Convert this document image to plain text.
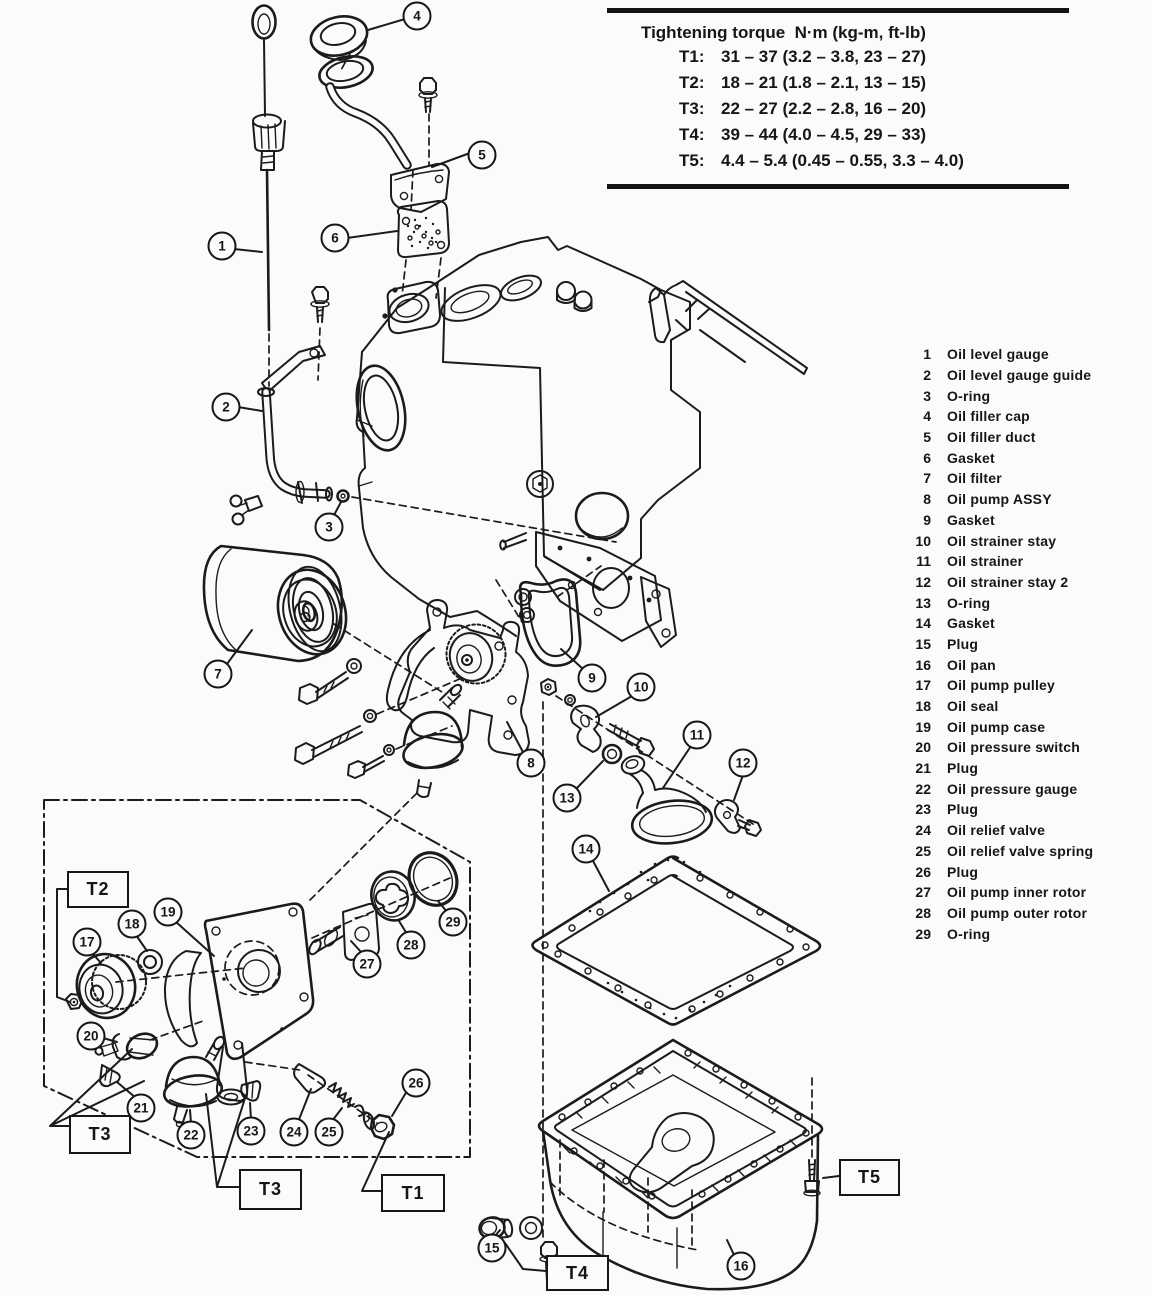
Tightening torque  N·m (kg-m, ft-lb)
T1: 31 – 37 (3.2 – 3.8, 23 – 27)
T2: 18 – 21 (1.8 – 2.1, 13 – 15)
T3: 22 – 27 (2.2 – 2.8, 16 – 20)
T4: 39 – 44 (4.0 – 4.5, 29 – 33)
T5: 4.4 – 5.4 (0.45 – 0.55, 3.3 – 4.0)
1 Oil level gauge
2 Oil level gauge guide
3 O-ring
4 Oil filler cap
5 Oil filler duct
6 Gasket
7 Oil filter
8 Oil pump ASSY
9 Gasket
10 Oil strainer stay
11 Oil strainer
12 Oil strainer stay 2
13 O-ring
14 Gasket
15 Plug
16 Oil pan
17 Oil pump pulley
18 Oil seal
19 Oil pump case
20 Oil pressure switch
21 Plug
22 Oil pressure gauge
23 Plug
24 Oil relief valve
25 Oil relief valve spring
26 Plug
27 Oil pump inner rotor
28 Oil pump outer rotor
29 O-ring
1
2
3
4
5
6
7
8
9
10
11
12
13
14
15
16
17
18
19
20
21
22	23	24	25
26
27
28
29
T2
T3
T3	T1
T4
T5
